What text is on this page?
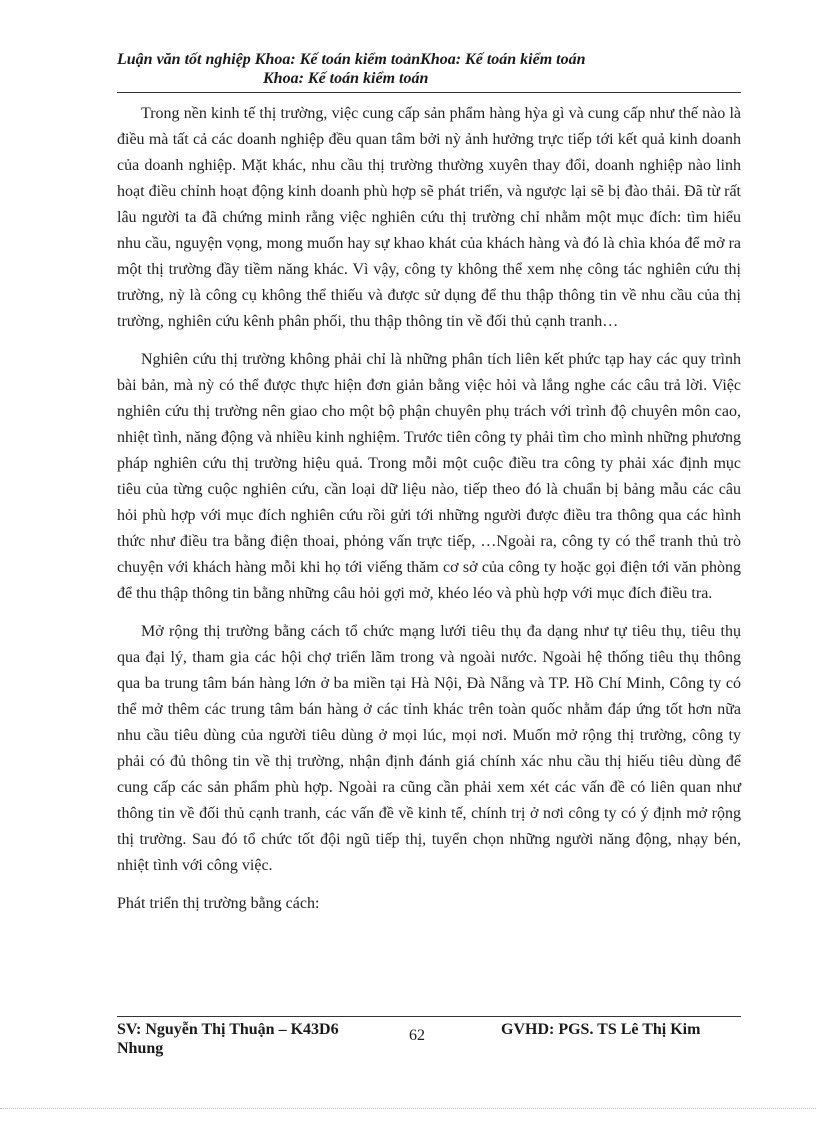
Luận văn tốt nghiệp Khoa: Kế toán kiểm toảnKhoa: Kế toán kiểm toán
Khoa: Kế toán kiểm toán

Trong nền kinh tế thị trường, việc cung cấp sản phẩm hàng hỳa gì và cung cấp như thế nào là điều mà tất cả các doanh nghiệp đều quan tâm bởi nỳ ảnh hưởng trực tiếp tới kết quả kinh doanh của doanh nghiệp. Mặt khác, nhu cầu thị trường thường xuyên thay đổi, doanh nghiệp nào linh hoạt điều chỉnh hoạt động kinh doanh phù hợp sẽ phát triển, và ngược lại sẽ bị đào thải. Đã từ rất lâu người ta đã chứng minh rằng việc nghiên cứu thị trường chỉ nhằm một mục đích: tìm hiểu nhu cầu, nguyện vọng, mong muốn hay sự khao khát của khách hàng và đó là chìa khóa để mở ra một thị trường đầy tiềm năng khác. Vì vậy, công ty không thể xem nhẹ công tác nghiên cứu thị trường, nỳ là công cụ không thể thiếu và được sử dụng để thu thập thông tin về nhu cầu của thị trường, nghiên cứu kênh phân phối, thu thập thông tin về đối thủ cạnh tranh…

Nghiên cứu thị trường không phải chỉ là những phân tích liên kết phức tạp hay các quy trình bài bản, mà nỳ có thể được thực hiện đơn giản bằng việc hỏi và lắng nghe các câu trả lời. Việc nghiên cứu thị trường nên giao cho một bộ phận chuyên phụ trách với trình độ chuyên môn cao, nhiệt tình, năng động và nhiều kinh nghiệm. Trước tiên công ty phải tìm cho mình những phương pháp nghiên cứu thị trường hiệu quả. Trong mỗi một cuộc điều tra công ty phải xác định mục tiêu của từng cuộc nghiên cứu, cần loại dữ liệu nào, tiếp theo đó là chuẩn bị bảng mẫu các câu hỏi phù hợp với mục đích nghiên cứu rồi gửi tới những người được điều tra thông qua các hình thức như điều tra bằng điện thoai, phỏng vấn trực tiếp, …Ngoài ra, công ty có thể tranh thủ trò chuyện với khách hàng mỗi khi họ tới viếng thăm cơ sở của công ty hoặc gọi điện tới văn phòng để thu thập thông tin bằng những câu hỏi gợi mở, khéo léo và phù hợp với mục đích điều tra.

Mở rộng thị trường bằng cách tổ chức mạng lưới tiêu thụ đa dạng như tự tiêu thụ, tiêu thụ qua đại lý, tham gia các hội chợ triển lãm trong và ngoài nước. Ngoài hệ thống tiêu thụ thông qua ba trung tâm bán hàng lớn ở ba miền tại Hà Nội, Đà Nẵng và TP. Hồ Chí Minh, Công ty có thể mở thêm các trung tâm bán hàng ở các tỉnh khác trên toàn quốc nhằm đáp ứng tốt hơn nữa nhu cầu tiêu dùng của người tiêu dùng ở mọi lúc, mọi nơi. Muốn mở rộng thị trường, công ty phải có đủ thông tin về thị trường, nhận định đánh giá chính xác nhu cầu thị hiếu tiêu dùng để cung cấp các sản phẩm phù hợp. Ngoài ra cũng cần phải xem xét các vấn đề có liên quan như thông tin về đối thủ cạnh tranh, các vấn đề về kinh tế, chính trị ở nơi công ty có ý định mở rộng thị trường. Sau đó tổ chức tốt đội ngũ tiếp thị, tuyển chọn những người năng động, nhạy bén, nhiệt tình với công việc.

Phát triển thị trường bằng cách:

SV: Nguyễn Thị Thuận – K43D6 Nhung
62	GVHD: PGS. TS Lê Thị Kim
